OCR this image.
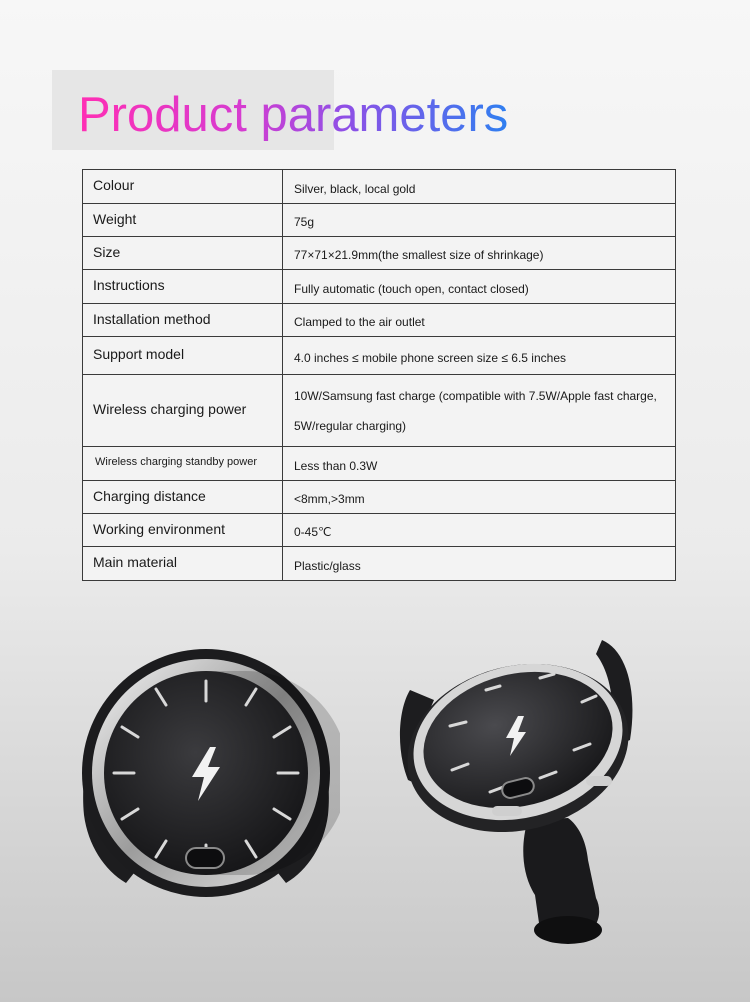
Product parameters
Colour	Silver, black, local gold
Weight	75g
Size	77×71×21.9mm(the smallest size of shrinkage)
Instructions	Fully automatic (touch open, contact closed)
Installation method	Clamped to the air outlet
Support model	4.0 inches ≤ mobile phone screen size ≤ 6.5 inches
Wireless charging power	10W/Samsung fast charge (compatible with 7.5W/Apple fast charge, 5W/regular charging)
Wireless charging standby power	Less than 0.3W
Charging distance	<8mm,>3mm
Working environment	0-45℃
Main material	Plastic/glass
